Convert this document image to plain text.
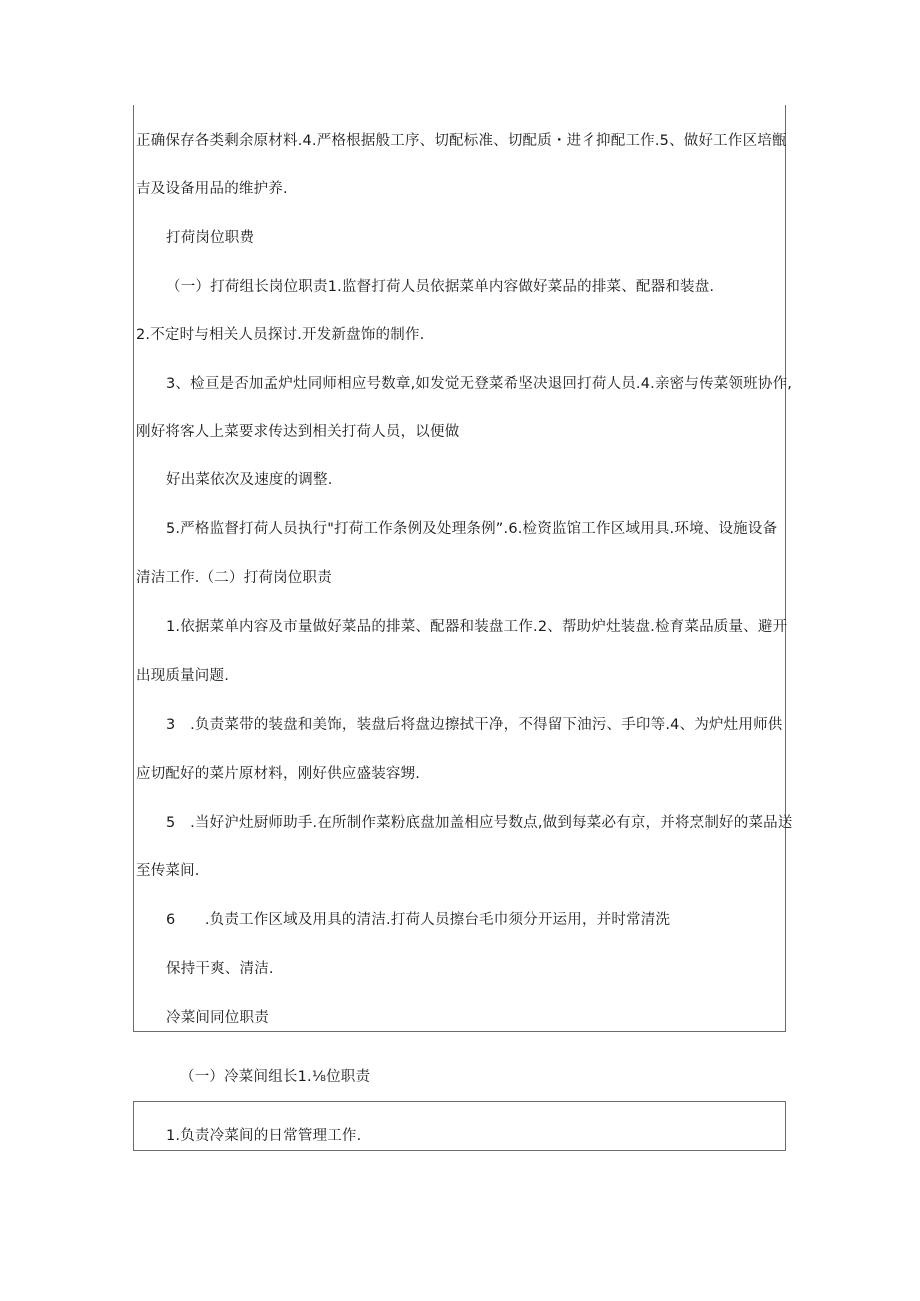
正确保存各类剩余原材料.4.严格根据般工序、切配标准、切配质・进彳抑配工作.5、做好工作区培甑
吉及设备用品的维护养.
打荷岗位职费
（一）打荷组长岗位职责1.监督打荷人员依据菜单内容做好菜品的排菜、配器和装盘.
2.不定时与相关人员探讨.开发新盘饰的制作.
3、检亘是否加孟炉灶同师相应号数章,如发觉无登菜希坚决退回打荷人员.4.亲密与传菜领班协作,
刚好将客人上菜要求传达到相关打荷人员，以便做
好出菜依次及速度的调整.
5.严格监督打荷人员执行"打荷工作条例及处理条例”.6.检资监馆工作区域用具.环境、设施设备
清洁工作.（二）打荷岗位职责
1.依据菜单内容及市量做好菜品的排菜、配器和装盘工作.2、帮助炉灶装盘.检育菜品质量、避开
出现质量问题.
3　.负责菜带的装盘和美饰，装盘后将盘边擦拭干净，不得留下油污、手印等.4、为炉灶用师供
应切配好的菜片原材料，刚好供应盛装容甥.
5　.当好沪灶厨师助手.在所制作菜粉底盘加盖相应号数点,做到每菜必有京，并将烹制好的菜品送
至传菜间.
6　　.负责工作区域及用具的清洁.打荷人员擦台毛巾须分开运用，并时常清洗
保持干爽、清洁.
冷菜间同位职责
（一）冷菜间组长1.⅛位职责
1.负责冷菜间的日常管理工作.
